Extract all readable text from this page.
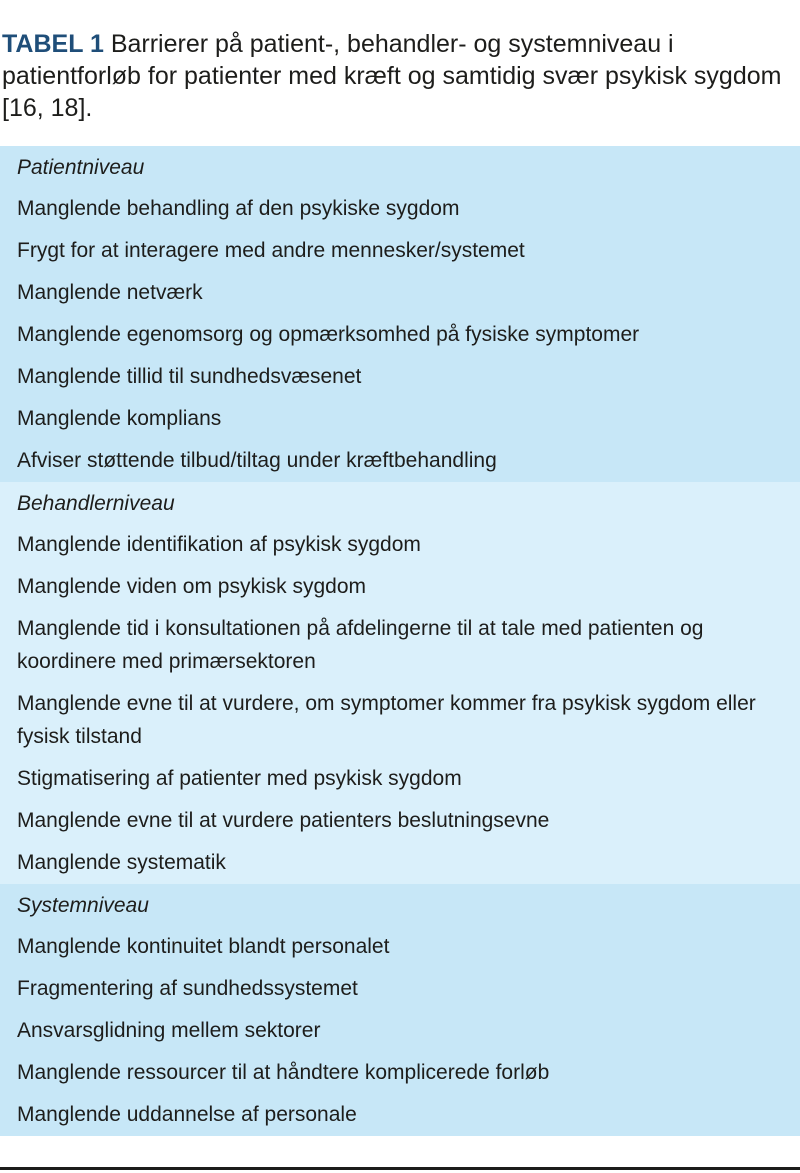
TABEL 1 Barrierer på patient-, behandler- og systemniveau i patientforløb for patienter med kræft og samtidig svær psykisk sygdom [16, 18].
Patientniveau
Manglende behandling af den psykiske sygdom
Frygt for at interagere med andre mennesker/systemet
Manglende netværk
Manglende egenomsorg og opmærksomhed på fysiske symptomer
Manglende tillid til sundhedsvæsenet
Manglende komplians
Afviser støttende tilbud/tiltag under kræftbehandling
Behandlerniveau
Manglende identifikation af psykisk sygdom
Manglende viden om psykisk sygdom
Manglende tid i konsultationen på afdelingerne til at tale med patienten og koordinere med primærsektoren
Manglende evne til at vurdere, om symptomer kommer fra psykisk sygdom eller fysisk tilstand
Stigmatisering af patienter med psykisk sygdom
Manglende evne til at vurdere patienters beslutningsevne
Manglende systematik
Systemniveau
Manglende kontinuitet blandt personalet
Fragmentering af sundhedssystemet
Ansvarsglidning mellem sektorer
Manglende ressourcer til at håndtere komplicerede forløb
Manglende uddannelse af personale
